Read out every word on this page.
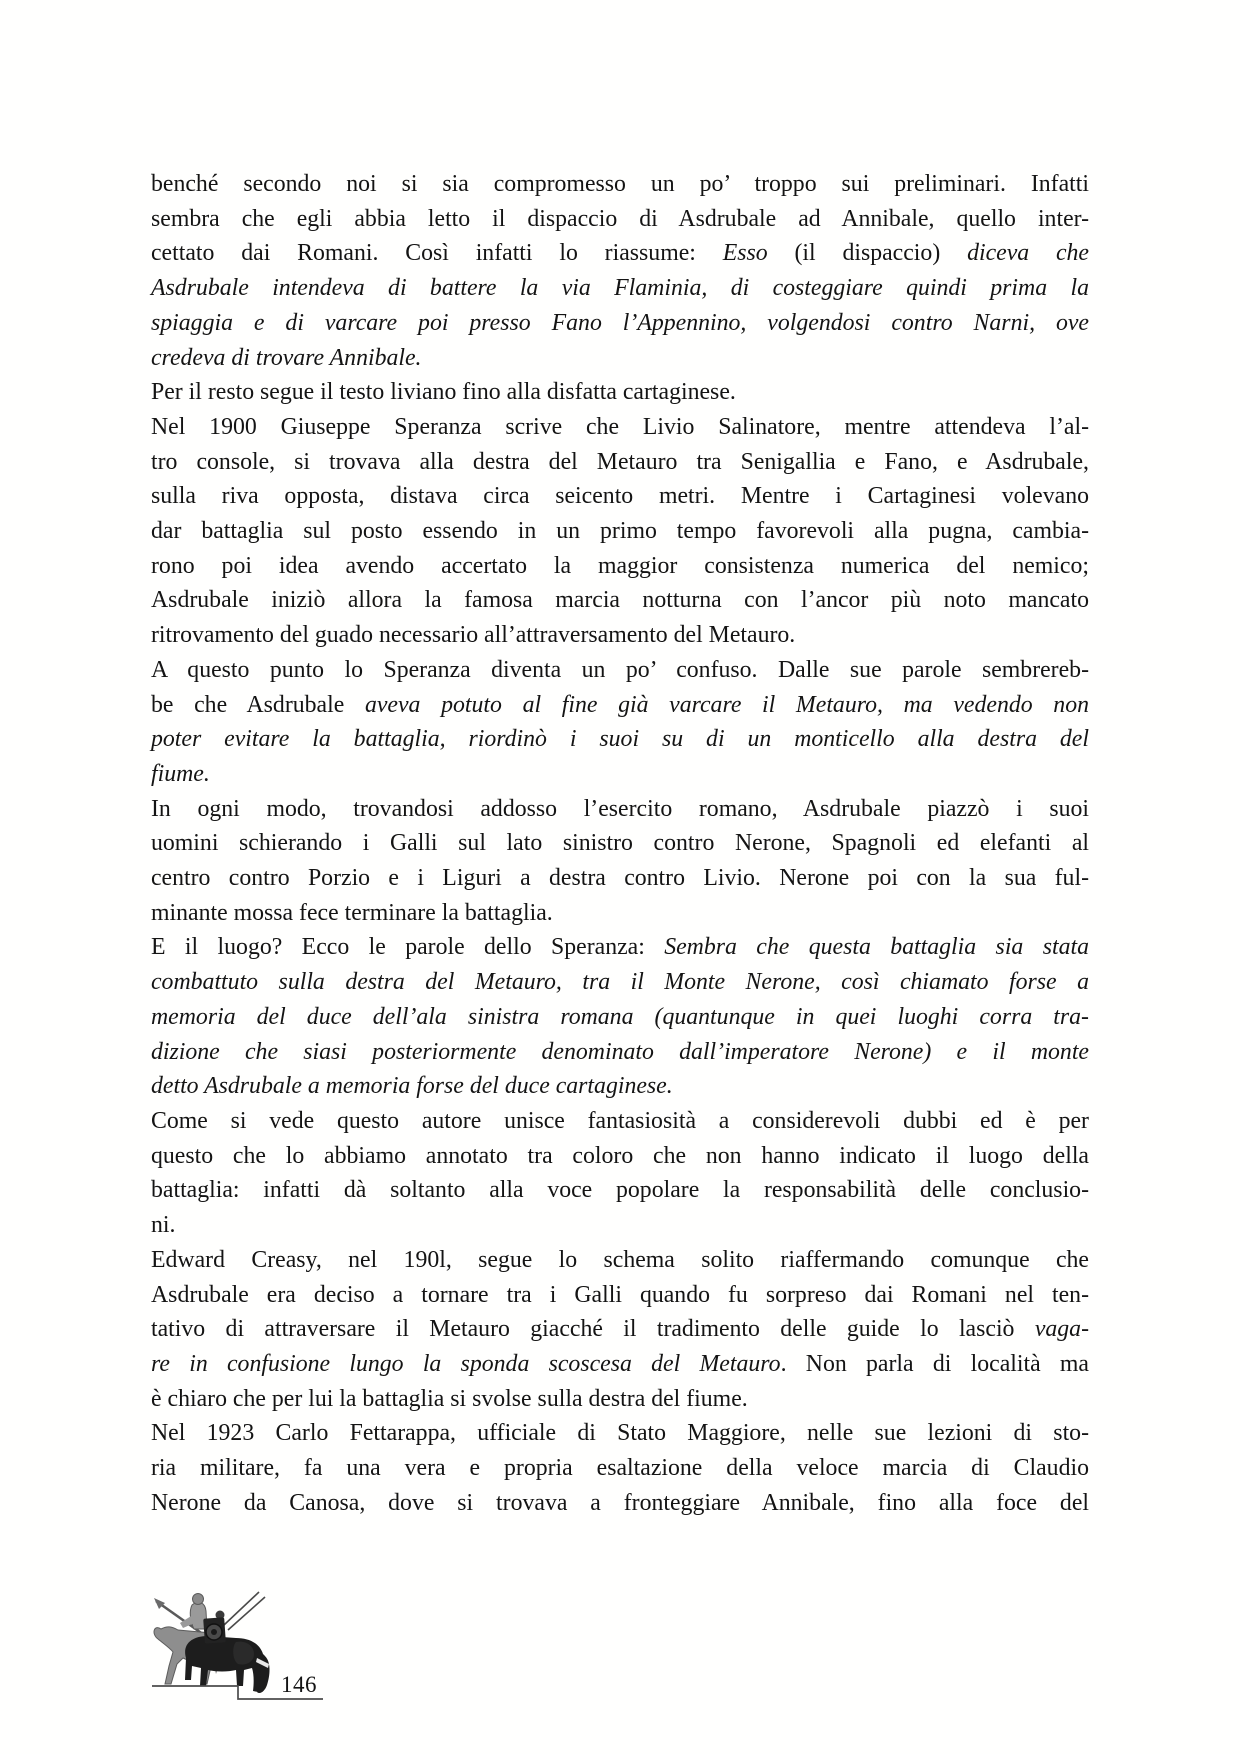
benché secondo noi si sia compromesso un po’ troppo sui preliminari. Infatti
sembra che egli abbia letto il dispaccio di Asdrubale ad Annibale, quello inter-
cettato dai Romani. Così infatti lo riassume: Esso (il dispaccio) diceva che
Asdrubale intendeva di battere la via Flaminia, di costeggiare quindi prima la
spiaggia e di varcare poi presso Fano l’Appennino, volgendosi contro Narni, ove
credeva di trovare Annibale.
Per il resto segue il testo liviano fino alla disfatta cartaginese.
Nel 1900 Giuseppe Speranza scrive che Livio Salinatore, mentre attendeva l’al-
tro console, si trovava alla destra del Metauro tra Senigallia e Fano, e Asdrubale,
sulla riva opposta, distava circa seicento metri. Mentre i Cartaginesi volevano
dar battaglia sul posto essendo in un primo tempo favorevoli alla pugna, cambia-
rono poi idea avendo accertato la maggior consistenza numerica del nemico;
Asdrubale iniziò allora la famosa marcia notturna con l’ancor più noto mancato
ritrovamento del guado necessario all’attraversamento del Metauro.
A questo punto lo Speranza diventa un po’ confuso. Dalle sue parole sembrereb-
be che Asdrubale aveva potuto al fine già varcare il Metauro, ma vedendo non
poter evitare la battaglia, riordinò i suoi su di un monticello alla destra del
fiume.
In ogni modo, trovandosi addosso l’esercito romano, Asdrubale piazzò i suoi
uomini schierando i Galli sul lato sinistro contro Nerone, Spagnoli ed elefanti al
centro contro Porzio e i Liguri a destra contro Livio. Nerone poi con la sua ful-
minante mossa fece terminare la battaglia.
E il luogo? Ecco le parole dello Speranza: Sembra che questa battaglia sia stata
combattuto sulla destra del Metauro, tra il Monte Nerone, così chiamato forse a
memoria del duce dell’ala sinistra romana (quantunque in quei luoghi corra tra-
dizione che siasi posteriormente denominato dall’imperatore Nerone) e il monte
detto Asdrubale a memoria forse del duce cartaginese.
Come si vede questo autore unisce fantasiosità a considerevoli dubbi ed è per
questo che lo abbiamo annotato tra coloro che non hanno indicato il luogo della
battaglia: infatti dà soltanto alla voce popolare la responsabilità delle conclusio-
ni.
Edward Creasy, nel 190l, segue lo schema solito riaffermando comunque che
Asdrubale era deciso a tornare tra i Galli quando fu sorpreso dai Romani nel ten-
tativo di attraversare il Metauro giacché il tradimento delle guide lo lasciò vaga-
re in confusione lungo la sponda scoscesa del Metauro. Non parla di località ma
è chiaro che per lui la battaglia si svolse sulla destra del fiume.
Nel 1923 Carlo Fettarappa, ufficiale di Stato Maggiore, nelle sue lezioni di sto-
ria militare, fa una vera e propria esaltazione della veloce marcia di Claudio
Nerone da Canosa, dove si trovava a fronteggiare Annibale, fino alla foce del
146
